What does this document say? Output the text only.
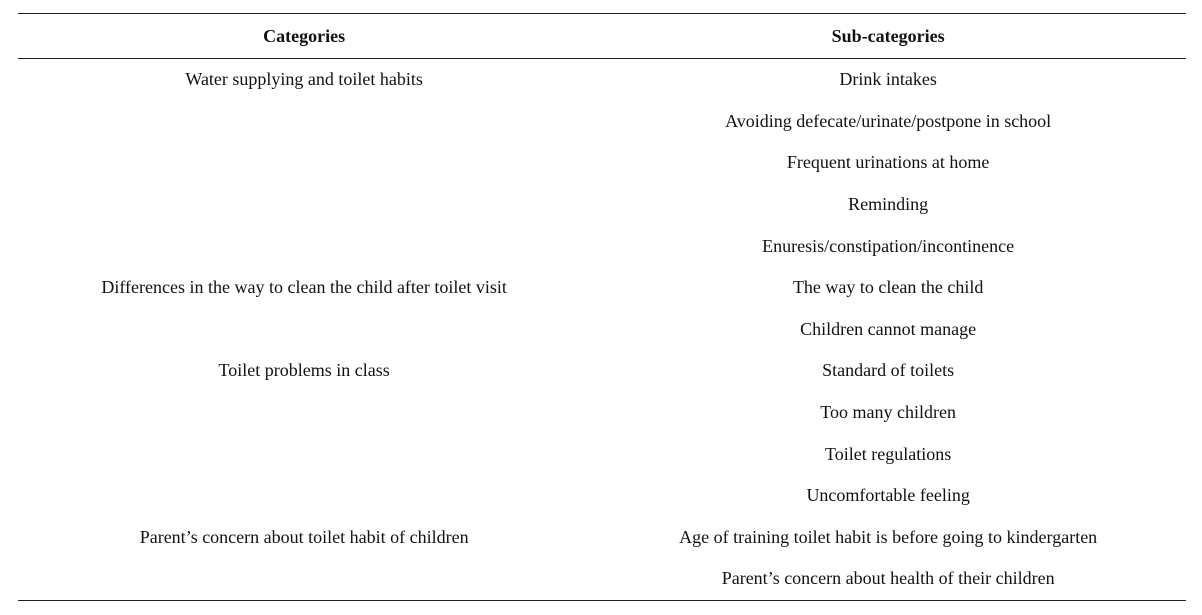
Categories	Sub-categories
Water supplying and toilet habits	Drink intakes
	Avoiding defecate/urinate/postpone in school
	Frequent urinations at home
	Reminding
	Enuresis/constipation/incontinence
Differences in the way to clean the child after toilet visit	The way to clean the child
	Children cannot manage
Toilet problems in class	Standard of toilets
	Too many children
	Toilet regulations
	Uncomfortable feeling
Parent’s concern about toilet habit of children	Age of training toilet habit is before going to kindergarten
	Parent’s concern about health of their children
